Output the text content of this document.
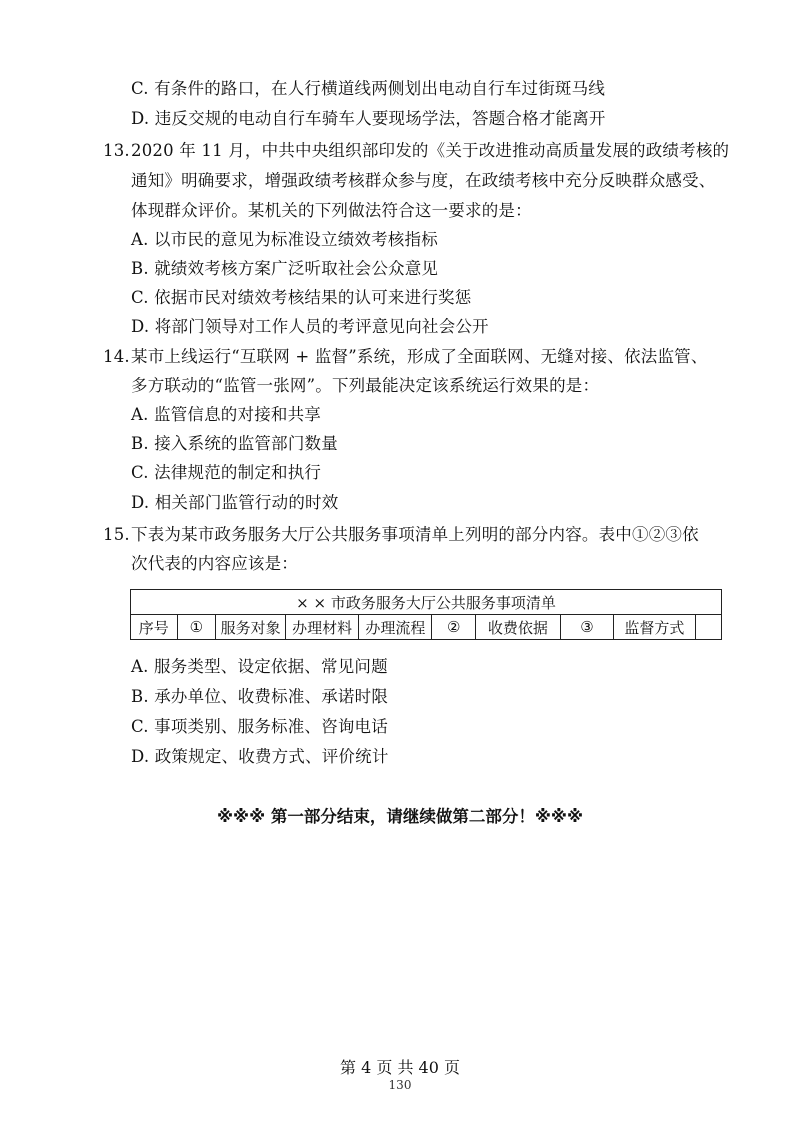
C. 有条件的路口，在人行横道线两侧划出电动自行车过街斑马线
D. 违反交规的电动自行车骑车人要现场学法，答题合格才能离开
13. 2020 年 11 月，中共中央组织部印发的《关于改进推动高质量发展的政绩考核的
通知》明确要求，增强政绩考核群众参与度，在政绩考核中充分反映群众感受、
体现群众评价。某机关的下列做法符合这一要求的是：
A. 以市民的意见为标准设立绩效考核指标
B. 就绩效考核方案广泛听取社会公众意见
C. 依据市民对绩效考核结果的认可来进行奖惩
D. 将部门领导对工作人员的考评意见向社会公开
14. 某市上线运行“互联网 + 监督”系统，形成了全面联网、无缝对接、依法监管、
多方联动的“监管一张网”。下列最能决定该系统运行效果的是：
A. 监管信息的对接和共享
B. 接入系统的监管部门数量
C. 法律规范的制定和执行
D. 相关部门监管行动的时效
15. 下表为某市政务服务大厅公共服务事项清单上列明的部分内容。表中①②③依
次代表的内容应该是：
× × 市政务服务大厅公共服务事项清单
序号	①	服务对象	办理材料	办理流程	②	收费依据	③	监督方式	
A. 服务类型、设定依据、常见问题
B. 承办单位、收费标准、承诺时限
C. 事项类别、服务标准、咨询电话
D. 政策规定、收费方式、评价统计
※※※ 第一部分结束，请继续做第二部分！※※※
第 4 页 共 40 页
130
